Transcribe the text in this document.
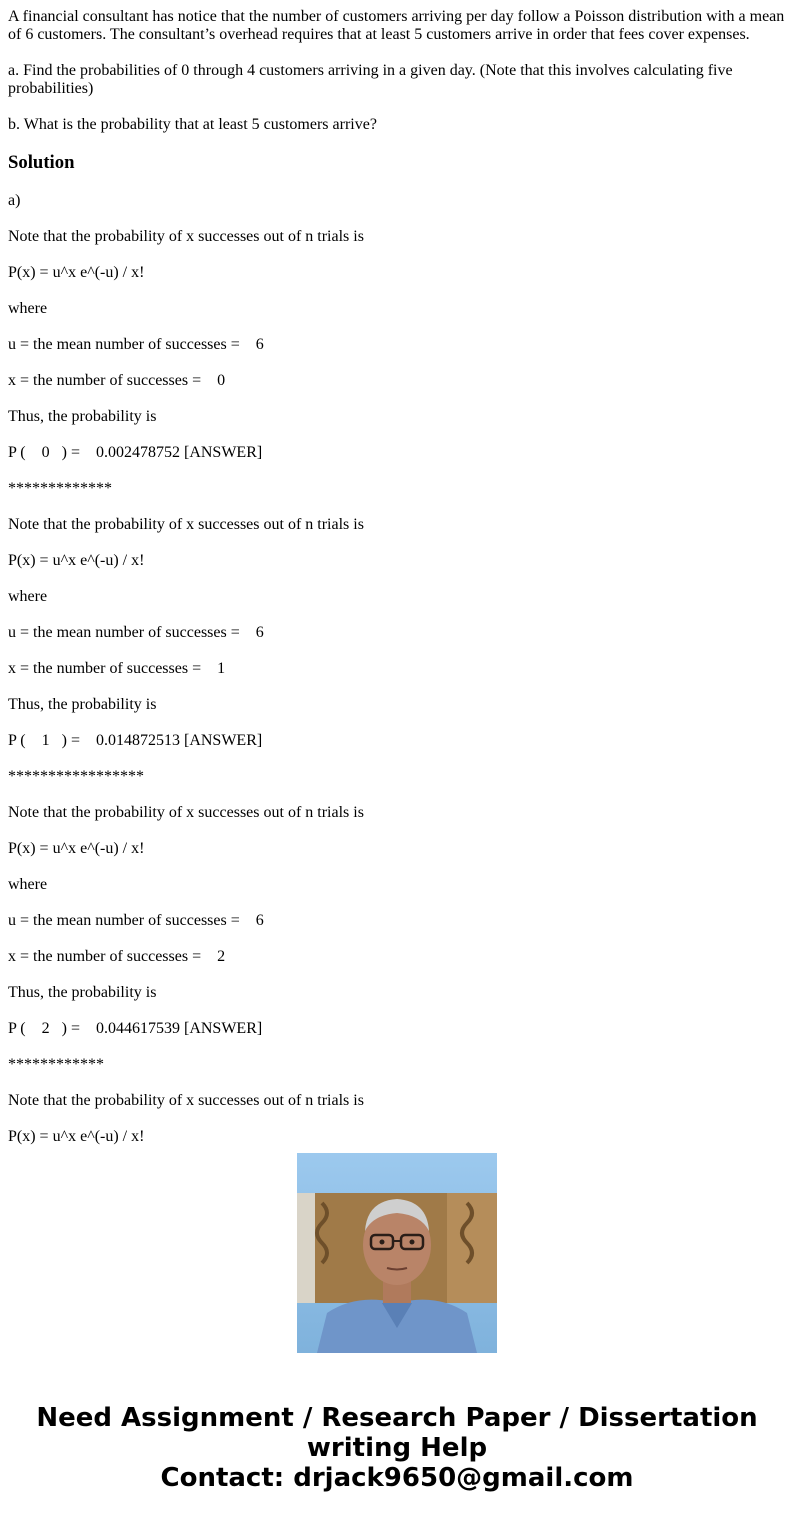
A financial consultant has notice that the number of customers arriving per day follow a Poisson distribution with a mean of 6 customers. The consultant’s overhead requires that at least 5 customers arrive in order that fees cover expenses.

a. Find the probabilities of 0 through 4 customers arriving in a given day. (Note that this involves calculating five probabilities)

b. What is the probability that at least 5 customers arrive?

Solution

a)

Note that the probability of x successes out of n trials is

P(x) = u^x e^(-u) / x!

where

u = the mean number of successes =    6

x = the number of successes =    0

Thus, the probability is

P (    0   ) =    0.002478752 [ANSWER]

*************

Note that the probability of x successes out of n trials is

P(x) = u^x e^(-u) / x!

where

u = the mean number of successes =    6

x = the number of successes =    1

Thus, the probability is

P (    1   ) =    0.014872513 [ANSWER]

*****************

Note that the probability of x successes out of n trials is

P(x) = u^x e^(-u) / x!

where

u = the mean number of successes =    6

x = the number of successes =    2

Thus, the probability is

P (    2   ) =    0.044617539 [ANSWER]

************

Note that the probability of x successes out of n trials is

P(x) = u^x e^(-u) / x!

Need Assignment / Research Paper / Dissertation
writing Help
Contact: drjack9650@gmail.com
